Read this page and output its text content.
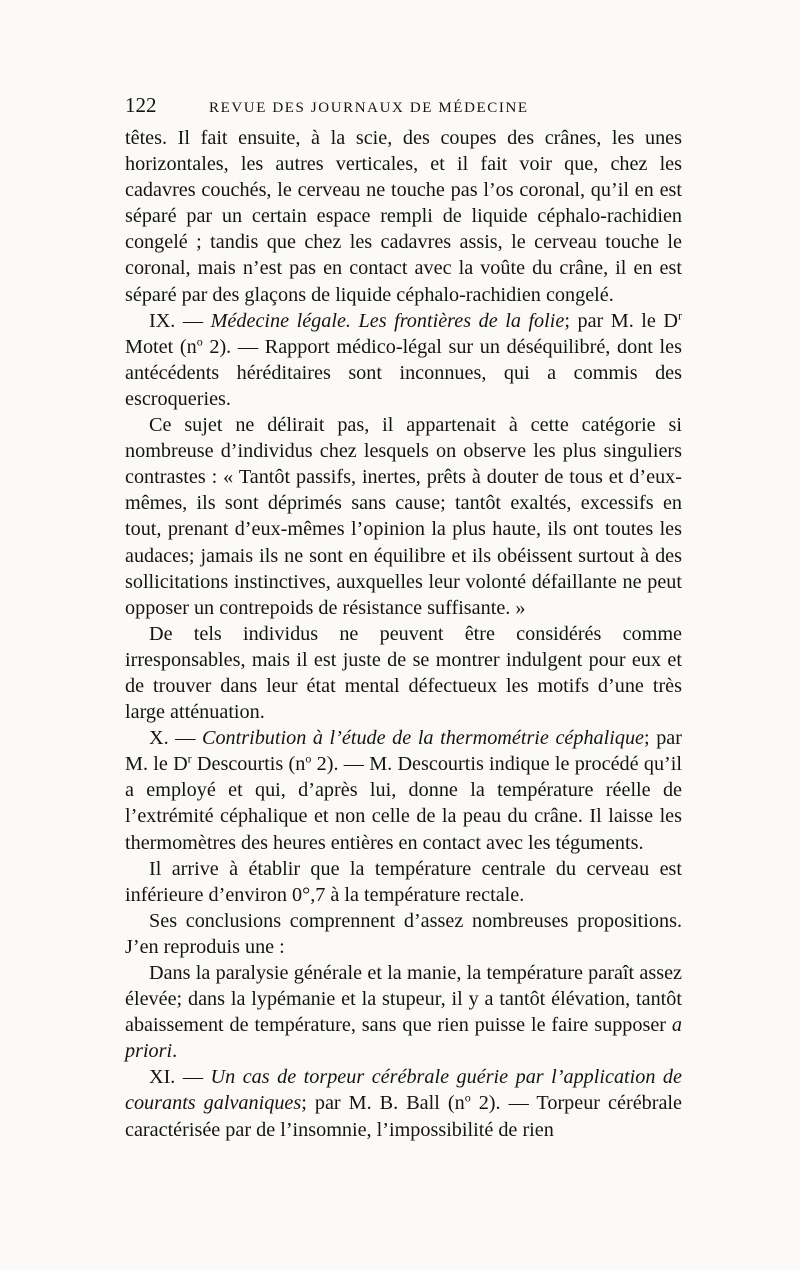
122	REVUE DES JOURNAUX DE MÉDECINE

têtes. Il fait ensuite, à la scie, des coupes des crânes, les unes horizontales, les autres verticales, et il fait voir que, chez les cadavres couchés, le cerveau ne touche pas l’os coronal, qu’il en est séparé par un certain espace rempli de liquide céphalo-rachidien congelé ; tandis que chez les cadavres assis, le cerveau touche le coronal, mais n’est pas en contact avec la voûte du crâne, il en est séparé par des glaçons de liquide céphalo-rachidien congelé.

IX. — Médecine légale. Les frontières de la folie; par M. le $D^r$ Motet ($n^o$ 2). — Rapport médico-légal sur un déséquilibré, dont les antécédents héréditaires sont inconnues, qui a commis des escroqueries.

Ce sujet ne délirait pas, il appartenait à cette catégorie si nombreuse d’individus chez lesquels on observe les plus singuliers contrastes : « Tantôt passifs, inertes, prêts à douter de tous et d’eux-mêmes, ils sont déprimés sans cause; tantôt exaltés, excessifs en tout, prenant d’eux-mêmes l’opinion la plus haute, ils ont toutes les audaces; jamais ils ne sont en équilibre et ils obéissent surtout à des sollicitations instinctives, auxquelles leur volonté défaillante ne peut opposer un contrepoids de résistance suffisante. »

De tels individus ne peuvent être considérés comme irresponsables, mais il est juste de se montrer indulgent pour eux et de trouver dans leur état mental défectueux les motifs d’une très large atténuation.

X. — Contribution à l’étude de la thermométrie céphalique; par M. le $D^r$ Descourtis ($n^o$ 2). — M. Descourtis indique le procédé qu’il a employé et qui, d’après lui, donne la température réelle de l’extrémité céphalique et non celle de la peau du crâne. Il laisse les thermomètres des heures entières en contact avec les téguments.

Il arrive à établir que la température centrale du cerveau est inférieure d’environ 0°,7 à la température rectale.

Ses conclusions comprennent d’assez nombreuses propositions. J’en reproduis une :

Dans la paralysie générale et la manie, la température paraît assez élevée; dans la lypémanie et la stupeur, il y a tantôt élévation, tantôt abaissement de température, sans que rien puisse le faire supposer a priori.

XI. — Un cas de torpeur cérébrale guérie par l’application de courants galvaniques; par M. B. Ball ($n^o$ 2). — Torpeur cérébrale caractérisée par de l’insomnie, l’impossibilité de rien
